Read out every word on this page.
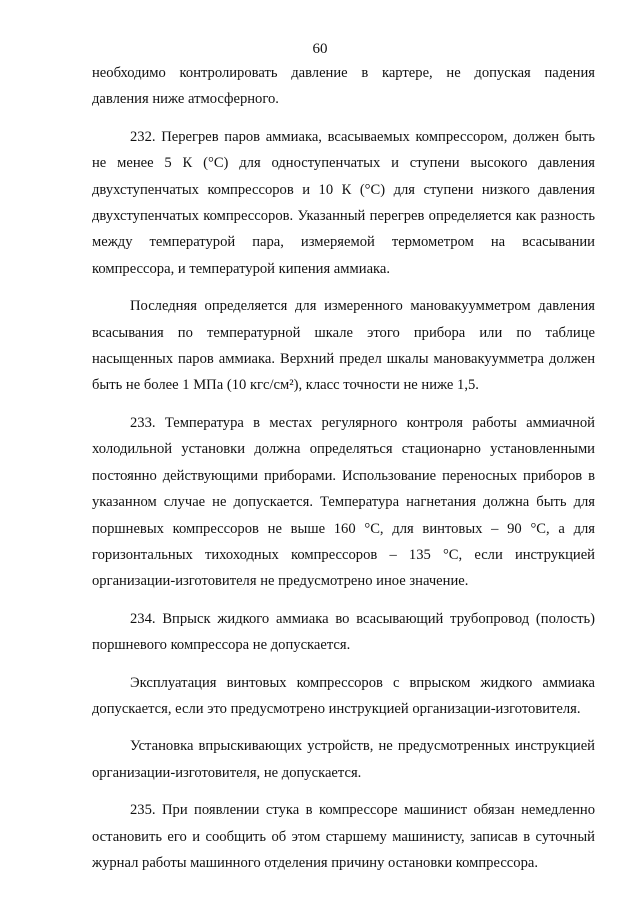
60

необходимо контролировать давление в картере, не допуская падения
давления ниже атмосферного.

232. Перегрев паров аммиака, всасываемых компрессором, должен быть не менее 5 К (°С) для одноступенчатых и ступени высокого давления двухступенчатых компрессоров и 10 К (°С) для ступени низкого давления двухступенчатых компрессоров. Указанный перегрев определяется как разность между температурой пара, измеряемой термометром на всасывании компрессора, и температурой кипения аммиака.

Последняя определяется для измеренного мановакуумметром давления всасывания по температурной шкале этого прибора или по таблице насыщенных паров аммиака. Верхний предел шкалы мановакуумметра должен быть не более 1 МПа (10 кгс/см²), класс точности не ниже 1,5.

233. Температура в местах регулярного контроля работы аммиачной холодильной установки должна определяться стационарно установленными постоянно действующими приборами. Использование переносных приборов в указанном случае не допускается. Температура нагнетания должна быть для поршневых компрессоров не выше 160 °С, для винтовых – 90 °С, а для горизонтальных тихоходных компрессоров – 135 °С, если инструкцией организации-изготовителя не предусмотрено иное значение.

234. Впрыск жидкого аммиака во всасывающий трубопровод (полость) поршневого компрессора не допускается.

Эксплуатация винтовых компрессоров с впрыском жидкого аммиака допускается, если это предусмотрено инструкцией организации-изготовителя.

Установка впрыскивающих устройств, не предусмотренных инструкцией организации-изготовителя, не допускается.

235. При появлении стука в компрессоре машинист обязан немедленно остановить его и сообщить об этом старшему машинисту, записав в суточный журнал работы машинного отделения причину остановки компрессора.
